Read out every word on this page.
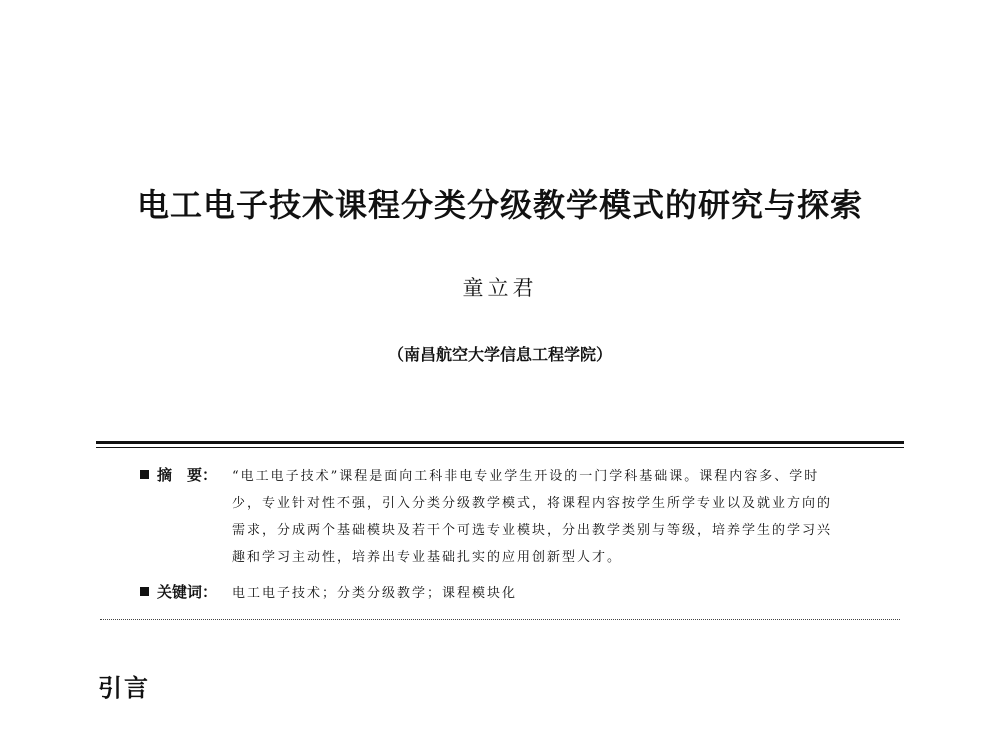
电工电子技术课程分类分级教学模式的研究与探索
童立君
（南昌航空大学信息工程学院）
摘　要 ： “电工电子技术”课程是面向工科非电专业学生开设的一门学科基础课。课程内容多、学时
少，专业针对性不强，引入分类分级教学模式，将课程内容按学生所学专业以及就业方向的
需求，分成两个基础模块及若干个可选专业模块，分出教学类别与等级，培养学生的学习兴
趣和学习主动性，培养出专业基础扎实的应用创新型人才。
关键词 ： 电工电子技术；分类分级教学；课程模块化
引言
